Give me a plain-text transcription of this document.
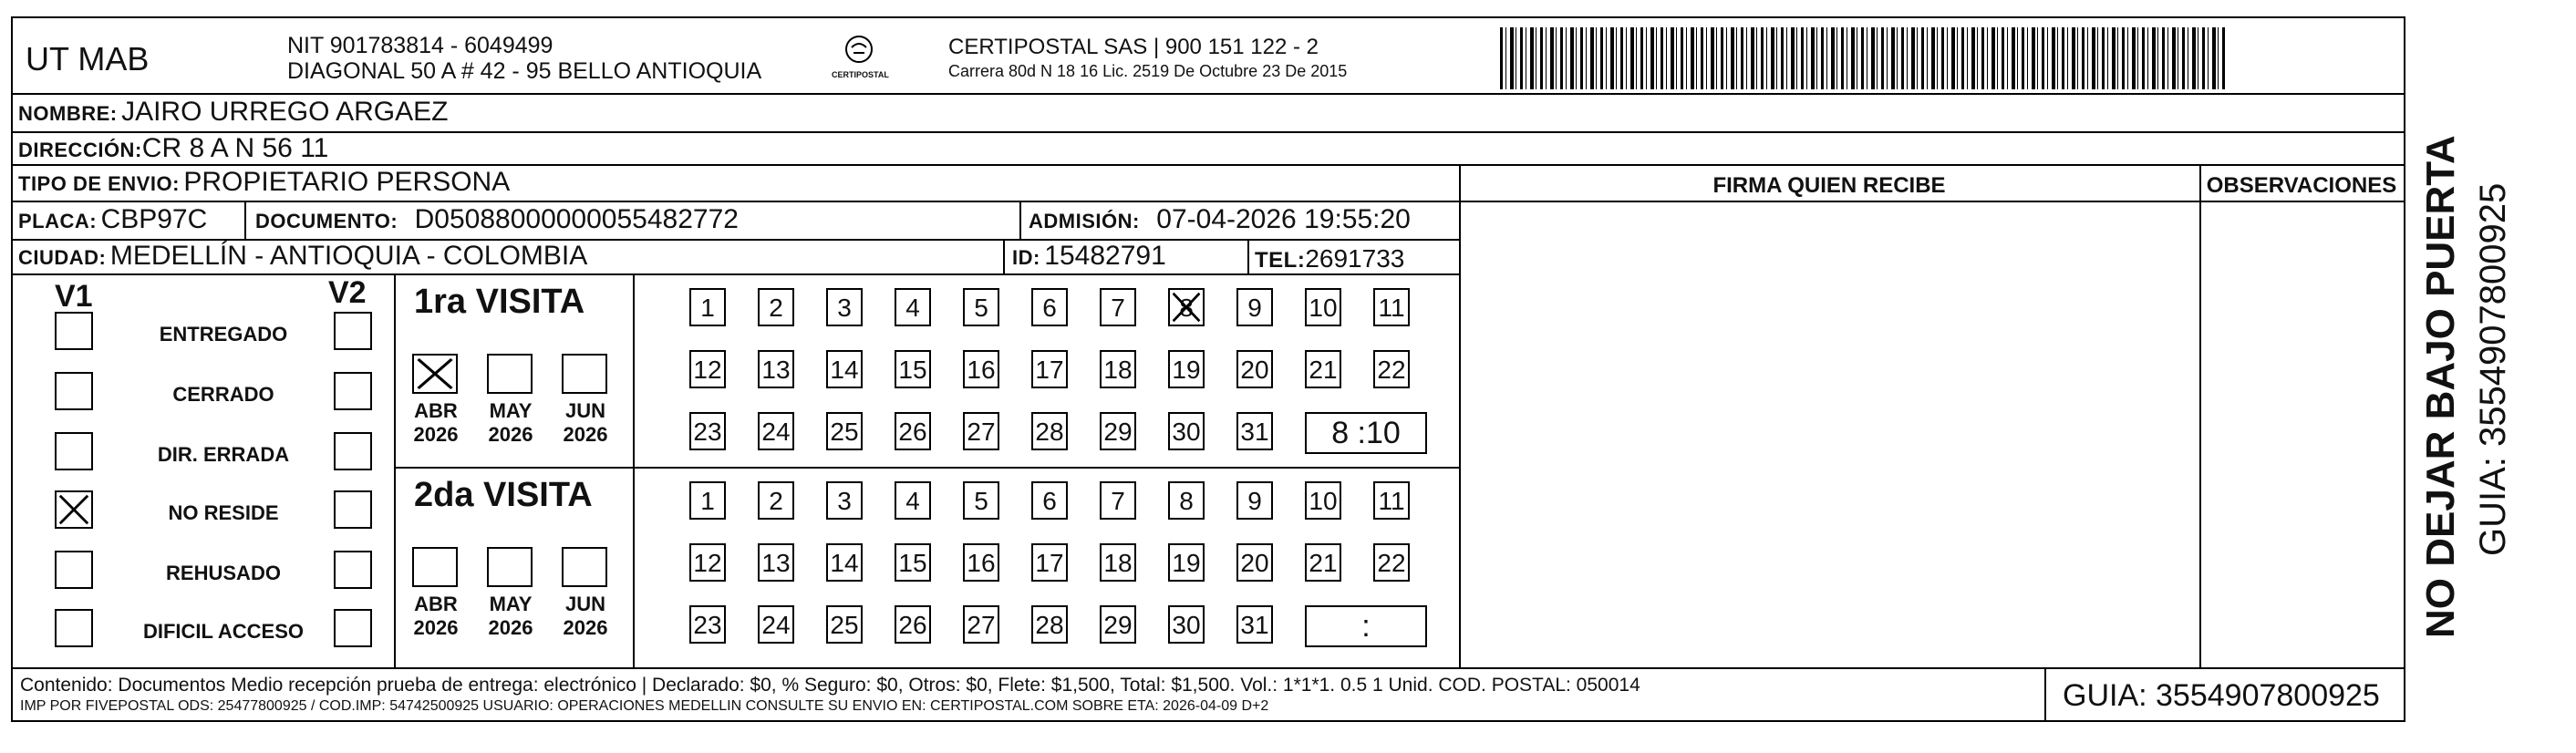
UT MAB	NIT 901783814 - 6049499
DIAGONAL 50 A # 42 - 95 BELLO ANTIOQUIA	CERTIPOSTAL
CERTIPOSTAL SAS | 900 151 122 - 2
Carrera 80d N 18 16 Lic. 2519 De Octubre 23 De 2015
NOMBRE: JAIRO URREGO ARGAEZ
DIRECCIÓN:CR 8 A N 56 11
TIPO DE ENVIO: PROPIETARIO PERSONA	FIRMA QUIEN RECIBE	OBSERVACIONES
PLACA: CBP97C DOCUMENTO: D05088000000055482772	ADMISIÓN: 07-04-2026 19:55:20
CIUDAD: MEDELLÍN - ANTIOQUIA - COLOMBIA	ID: 15482791	TEL:2691733
V1	V2
ENTREGADO
CERRADO
DIR. ERRADA
NO RESIDE
REHUSADO
DIFICIL ACCESO
1ra VISITA
ABR
2026
MAY
2026
JUN
2026
1	2	3	4	5	6	7	8	9	10 11
12 13 14 15 16 17 18 19 20 21 22
23 24 25 26 27 28 29 30 31	8 :10
2da VISITA
ABR
2026
MAY
2026
JUN
2026
1	2	3	4	5	6	7	8	9	10 11
12 13 14 15 16 17 18 19 20 21 22
23 24 25 26 27 28 29 30 31	:
Contenido: Documentos Medio recepción prueba de entrega: electrónico | Declarado: $0, % Seguro: $0, Otros: $0, Flete: $1,500, Total: $1,500. Vol.: 1*1*1. 0.5 1 Unid. COD. POSTAL: 050014
IMP POR FIVEPOSTAL ODS: 25477800925 / COD.IMP: 54742500925 USUARIO: OPERACIONES MEDELLIN CONSULTE SU ENVIO EN: CERTIPOSTAL.COM SOBRE ETA: 2026-04-09 D+2	GUIA: 3554907800925
NO DEJAR BAJO PUERTA GUIA: 3554907800925
